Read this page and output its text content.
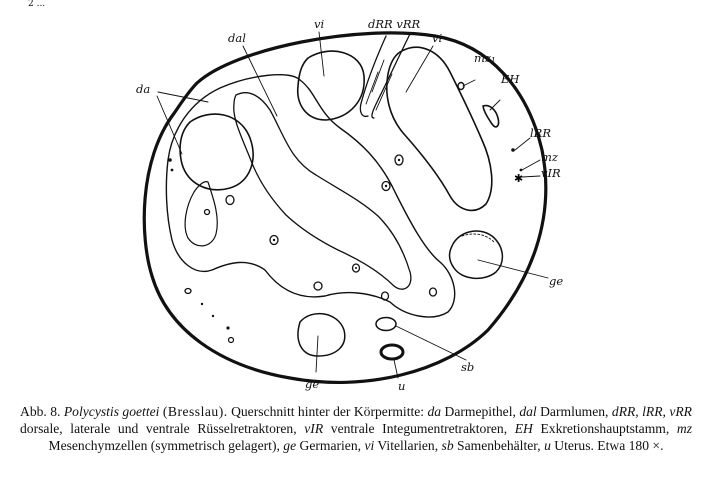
2 ...
✱
da
dal
vi	dRR vRR
vi
mz₁
EH
lRR
mz
vIR
ge
ge
sb
u
Abb. 8. Polycystis goettei (Bresslau). Querschnitt hinter der Körpermitte: da Darmepithel, dal Darmlumen, dRR, lRR, vRR dorsale, laterale und ventrale Rüsselretraktoren, vIR ventrale Integumentretraktoren, EH Exkretionshauptstamm, mz Mesenchymzellen (symmetrisch gelagert), ge Germarien, vi Vitellarien, sb Samenbehälter, u Uterus. Etwa 180 ×.
